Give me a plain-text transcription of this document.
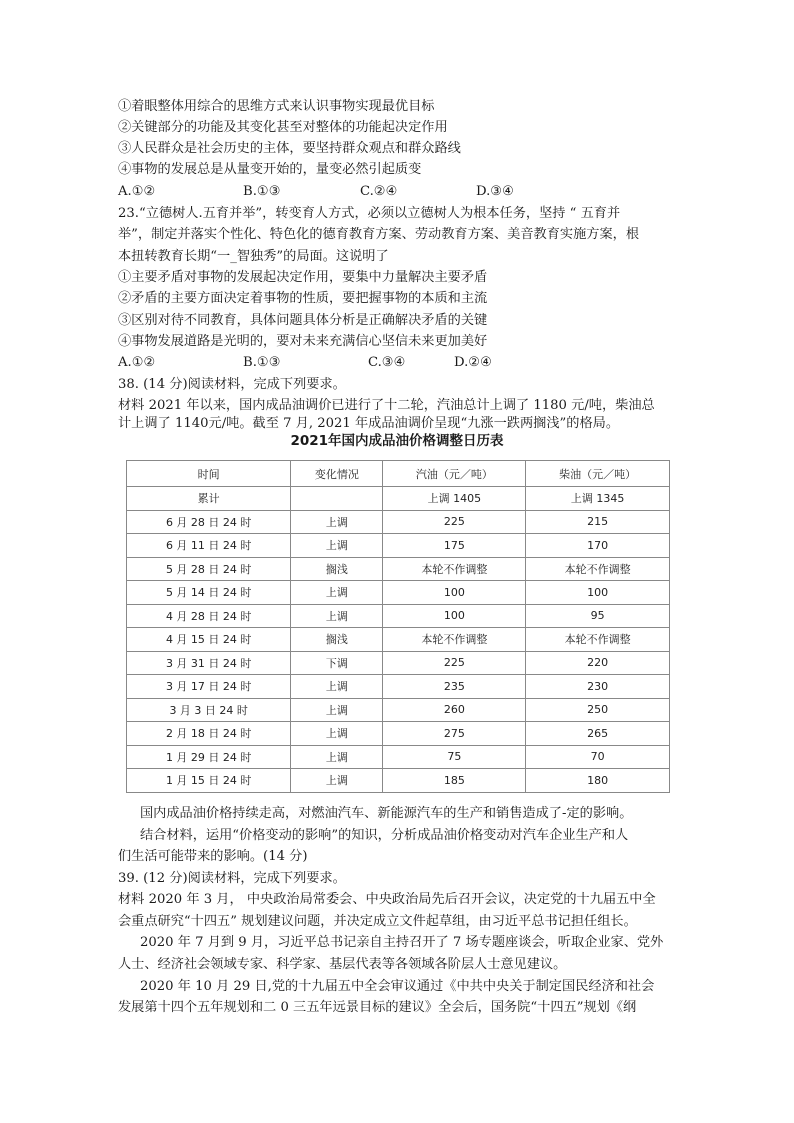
①着眼整体用综合的思维方式来认识事物实现最优目标
②关键部分的功能及其变化甚至对整体的功能起决定作用
③人民群众是社会历史的主体，要坚持群众观点和群众路线
④事物的发展总是从量变开始的，量变必然引起质变
A.①②	B.①③	C.②④	D.③④
23.“立德树人.五育并举”，转变育人方式，必须以立德树人为根本任务，坚持 “ 五育并
举”，制定并落实个性化、特色化的德育教育方案、劳动教育方案、美音教育实施方案，根
本扭转教育长期“一_智独秀”的局面。这说明了
①主要矛盾对事物的发展起决定作用，要集中力量解决主要矛盾
②矛盾的主要方面决定着事物的性质，要把握事物的本质和主流
③区别对待不同教育，具体问题具体分析是正确解决矛盾的关键
④事物发展道路是光明的，要对未来充满信心坚信未来更加美好
A.①②	B.①③	C.③④	D.②④
38. (14 分)阅读材料，完成下列要求。
材料 2021 年以来，国内成品油调价已进行了十二轮，汽油总计上调了 1180 元/吨，柴油总
计上调了 1140元/吨。截至 7 月, 2021 年成品油调价呈现“九涨一跌两搁浅”的格局。
2021年国内成品油价格调整日历表
时间	变化情况	汽油（元／吨）	柴油（元／吨）
累计		上调 1405	上调 1345
6 月 28 日 24 时	上调	225	215
6 月 11 日 24 时	上调	175	170
5 月 28 日 24 时	搁浅	本轮不作调整	本轮不作调整
5 月 14 日 24 时	上调	100	100
4 月 28 日 24 时	上调	100	95
4 月 15 日 24 时	搁浅	本轮不作调整	本轮不作调整
3 月 31 日 24 时	下调	225	220
3 月 17 日 24 时	上调	235	230
3 月 3 日 24 时	上调	260	250
2 月 18 日 24 时	上调	275	265
1 月 29 日 24 时	上调	75	70
1 月 15 日 24 时	上调	185	180
国内成品油价格持续走高，对燃油汽车、新能源汽车的生产和销售造成了-定的影响。
结合材料，运用“价格变动的影响”的知识，分析成品油价格变动对汽车企业生产和人
们生活可能带来的影响。(14 分)
39. (12 分)阅读材料，完成下列要求。
材料 2020 年 3 月， 中央政治局常委会、中央政治局先后召开会议，决定党的十九届五中全
会重点研究“十四五” 规划建议问题，并决定成立文件起草组，由习近平总书记担任组长。
2020 年 7 月到 9 月，习近平总书记亲自主持召开了 7 场专题座谈会，听取企业家、党外
人士、经济社会领域专家、科学家、基层代表等各领域各阶层人士意见建议。
2020 年 10 月 29 日,党的十九届五中全会审议通过《中共中央关于制定国民经济和社会
发展第十四个五年规划和二 0 三五年远景目标的建议》全会后，国务院“十四五”规划《纲
